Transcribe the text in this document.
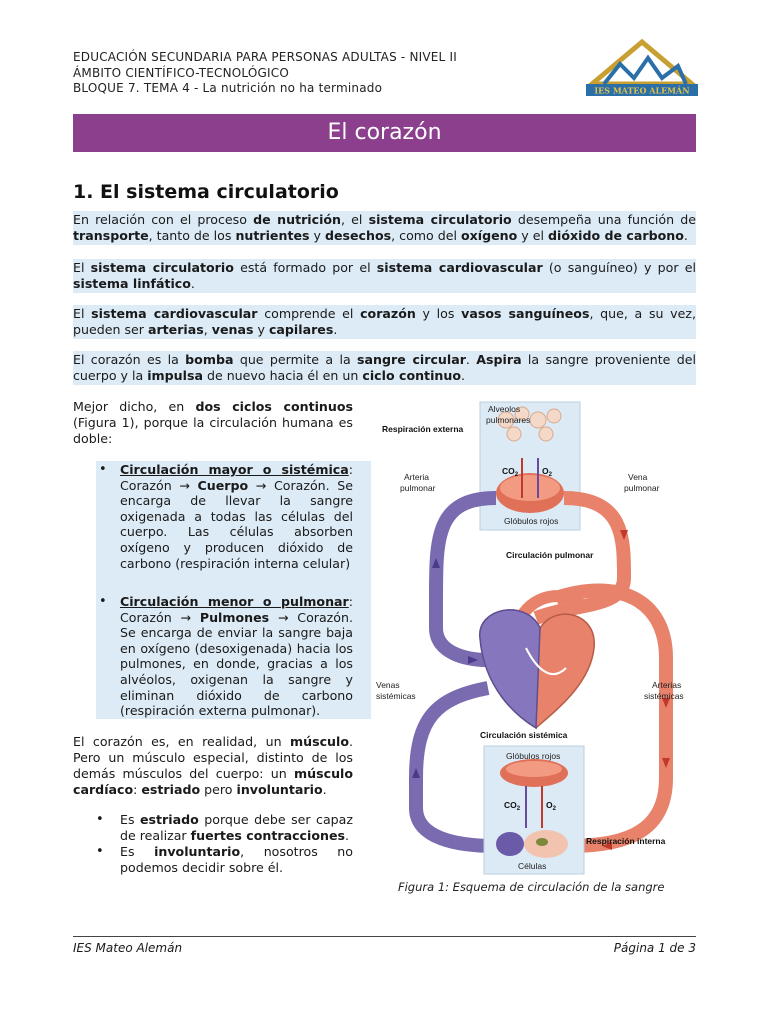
EDUCACIÓN SECUNDARIA PARA PERSONAS ADULTAS - NIVEL II
ÁMBITO CIENTÍFICO-TECNOLÓGICO
BLOQUE 7. TEMA 4 - La nutrición no ha terminado	IES MATEO ALEMÁN
El corazón
1. El sistema circulatorio
En relación con el proceso de nutrición, el sistema circulatorio desempeña una función de transporte, tanto de los nutrientes y desechos, como del oxígeno y el dióxido de carbono.
El sistema circulatorio está formado por el sistema cardiovascular (o sanguíneo) y por el sistema linfático.
El sistema cardiovascular comprende el corazón y los vasos sanguíneos, que, a su vez, pueden ser arterias, venas y capilares.
El corazón es la bomba que permite a la sangre circular. Aspira la sangre proveniente del cuerpo y la impulsa de nuevo hacia él en un ciclo continuo.
Mejor dicho, en dos ciclos continuos (Figura 1), porque la circulación humana es doble:
• Circulación mayor o sistémica: Corazón → Cuerpo → Corazón. Se encarga de llevar la sangre oxigenada a todas las células del cuerpo. Las células absorben oxígeno y producen dióxido de carbono (respiración interna celular)
• Circulación menor o pulmonar: Corazón → Pulmones → Corazón. Se encarga de enviar la sangre baja en oxígeno (desoxigenada) hacia los pulmones, en donde, gracias a los alvéolos, oxigenan la sangre y eliminan dióxido de carbono (respiración externa pulmonar).
El corazón es, en realidad, un músculo. Pero un músculo especial, distinto de los demás músculos del cuerpo: un músculo cardíaco: estriado pero involuntario.
• Es estriado porque debe ser capaz de realizar fuertes contracciones.
• Es involuntario, nosotros no podemos decidir sobre él.
Alveolos
pulmonares
$CO_2$	$O_2$
Glóbulos rojos
Respiración externa
Arteria
pulmonar
Vena
pulmonar
Circulación pulmonar
Venas
sistémicas
Arterias
sistémicas
Circulación sistémica
Glóbulos rojos
$CO_2$	$O_2$
Células
Respiración interna
Figura 1: Esquema de circulación de la sangre
IES Mateo Alemán	Página 1 de 3
